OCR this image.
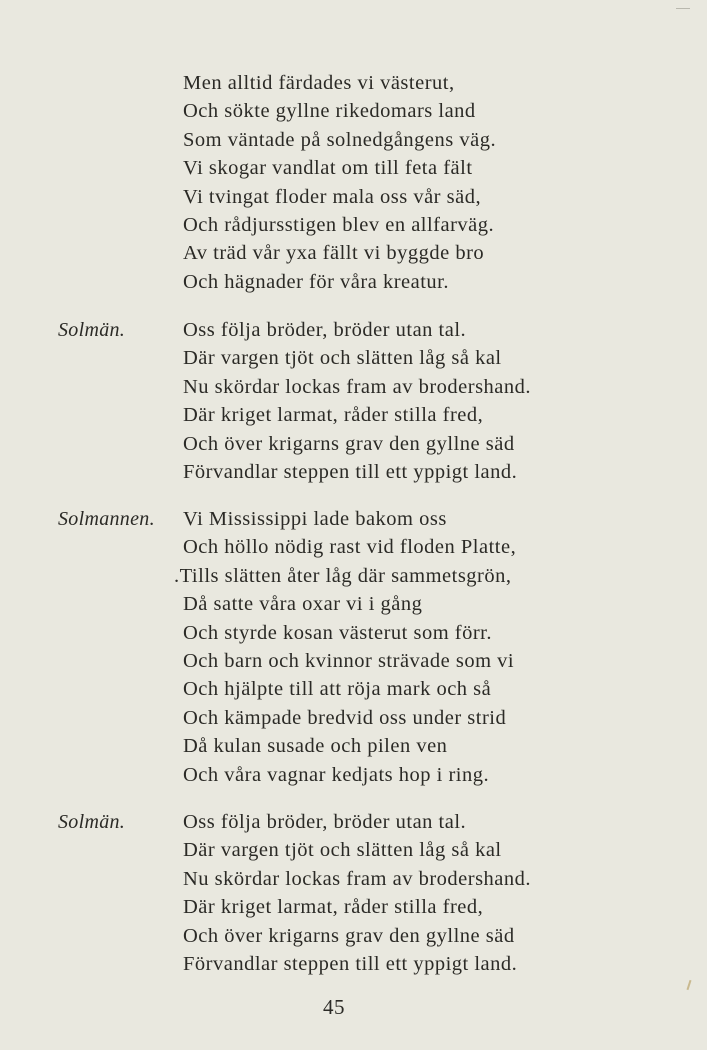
Men alltid färdades vi västerut,
Och sökte gyllne rikedomars land
Som väntade på solnedgångens väg.
Vi skogar vandlat om till feta fält
Vi tvingat floder mala oss vår säd,
Och rådjursstigen blev en allfarväg.
Av träd vår yxa fällt vi byggde bro
Och hägnader för våra kreatur.
Solmän.	Oss följa bröder, bröder utan tal.
Där vargen tjöt och slätten låg så kal
Nu skördar lockas fram av brodershand.
Där kriget larmat, råder stilla fred,
Och över krigarns grav den gyllne säd
Förvandlar steppen till ett yppigt land.
Solmannen. Vi Mississippi lade bakom oss
Och höllo nödig rast vid floden Platte,
.Tills slätten åter låg där sammetsgrön,
Då satte våra oxar vi i gång
Och styrde kosan västerut som förr.
Och barn och kvinnor strävade som vi
Och hjälpte till att röja mark och så
Och kämpade bredvid oss under strid
Då kulan susade och pilen ven
Och våra vagnar kedjats hop i ring.
Solmän.	Oss följa bröder, bröder utan tal.
Där vargen tjöt och slätten låg så kal
Nu skördar lockas fram av brodershand.
Där kriget larmat, råder stilla fred,
Och över krigarns grav den gyllne säd
Förvandlar steppen till ett yppigt land.
45
